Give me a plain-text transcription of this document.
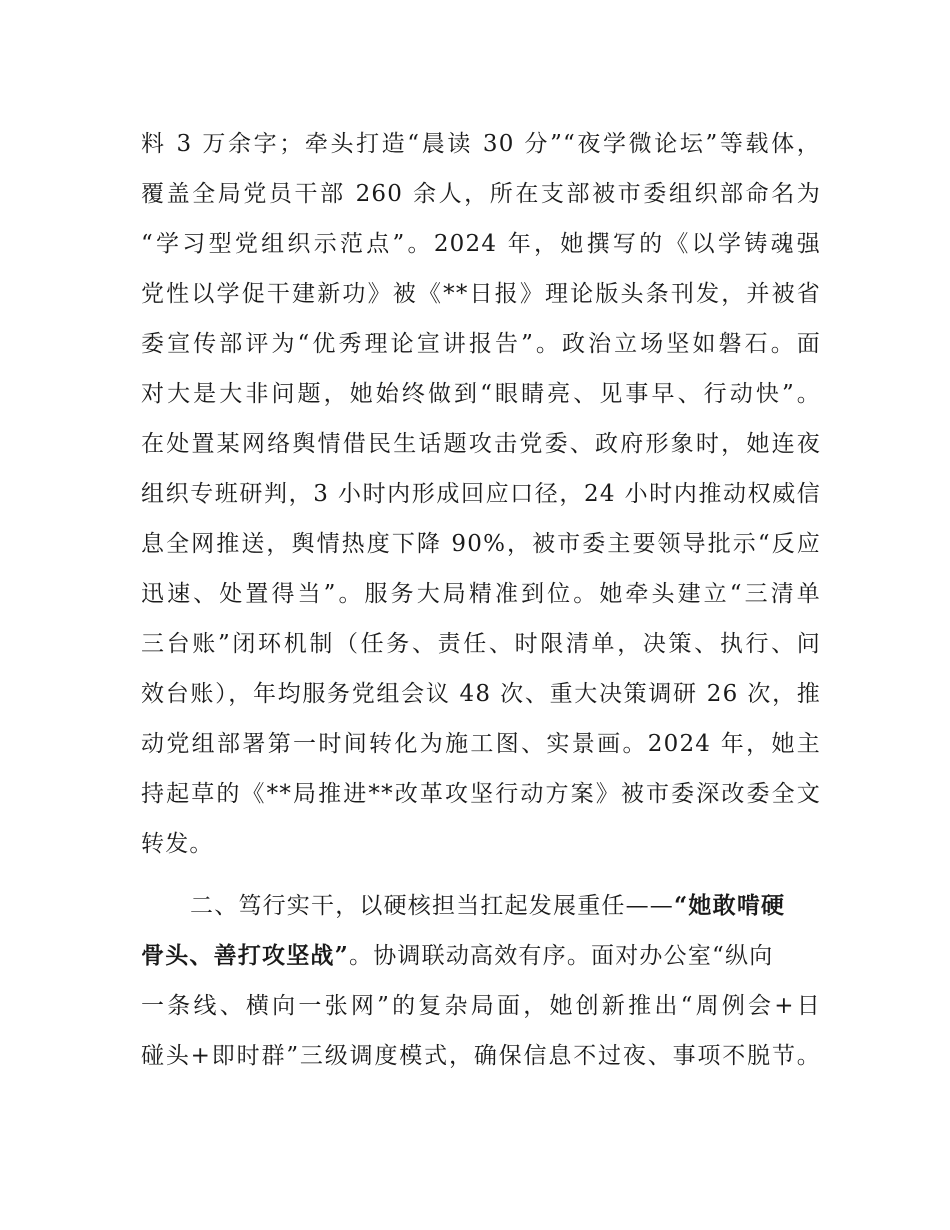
料 3 万余字；牵头打造“晨读 30 分”“夜学微论坛”等载体，
覆盖全局党员干部 260 余人，所在支部被市委组织部命名为
“学习型党组织示范点”。2024 年，她撰写的《以学铸魂强
党性以学促干建新功》被《**日报》理论版头条刊发，并被省
委宣传部评为“优秀理论宣讲报告”。政治立场坚如磐石。面
对大是大非问题，她始终做到“眼睛亮、见事早、行动快”。
在处置某网络舆情借民生话题攻击党委、政府形象时，她连夜
组织专班研判，3 小时内形成回应口径，24 小时内推动权威信
息全网推送，舆情热度下降 90%，被市委主要领导批示“反应
迅速、处置得当”。服务大局精准到位。她牵头建立“三清单
三台账”闭环机制（任务、责任、时限清单，决策、执行、问
效台账），年均服务党组会议 48 次、重大决策调研 26 次，推
动党组部署第一时间转化为施工图、实景画。2024 年，她主
持起草的《**局推进**改革攻坚行动方案》被市委深改委全文
转发。
二、笃行实干，以硬核担当扛起发展重任——“她敢啃硬
骨头、善打攻坚战”。协调联动高效有序。面对办公室“纵向
一条线、横向一张网”的复杂局面，她创新推出“周例会+日
碰头+即时群”三级调度模式，确保信息不过夜、事项不脱节。
